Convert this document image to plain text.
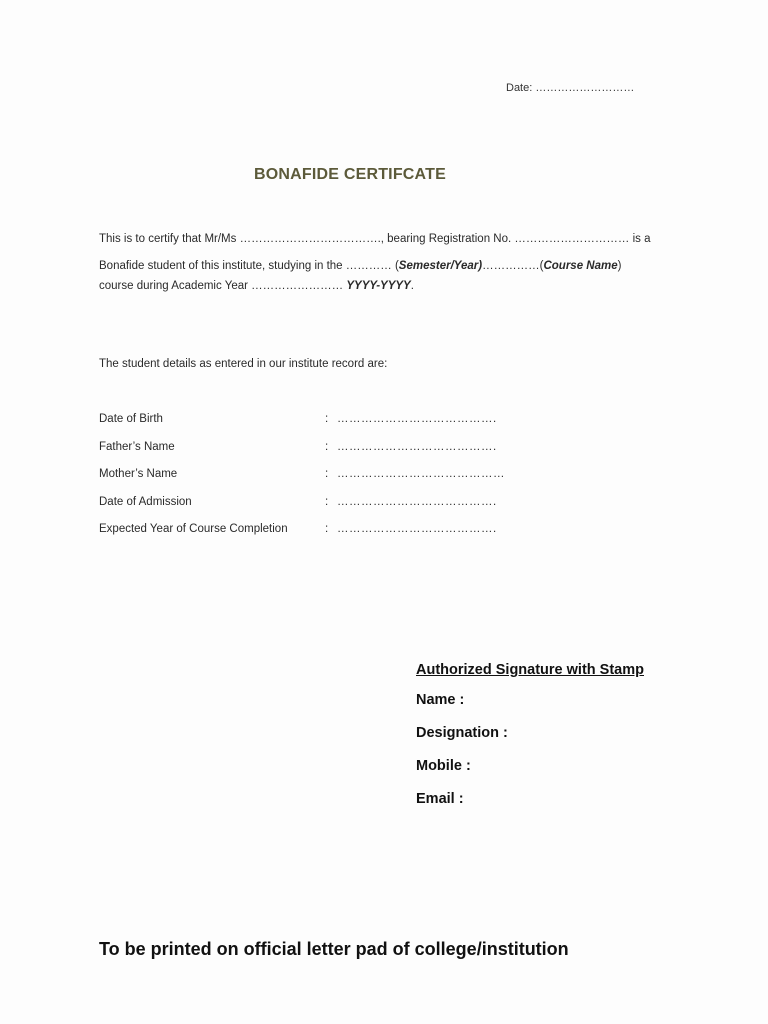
Date: ………………………
BONAFIDE CERTIFCATE
This is to certify that Mr/Ms ………………………………., bearing Registration No. ………………………… is a
Bonafide student of this institute, studying in the ………… (Semester/Year)……………(Course Name)
course during Academic Year …………………… YYYY-YYYY.
The student details as entered in our institute record are:
Date of Birth	: ………………………………….
Father’s Name	: ………………………………….
Mother’s Name	: ……………………………………
Date of Admission	: ………………………………….
Expected Year of Course Completion	: ………………………………….
Authorized Signature with Stamp
Name :
Designation :
Mobile :
Email :
To be printed on official letter pad of college/institution
